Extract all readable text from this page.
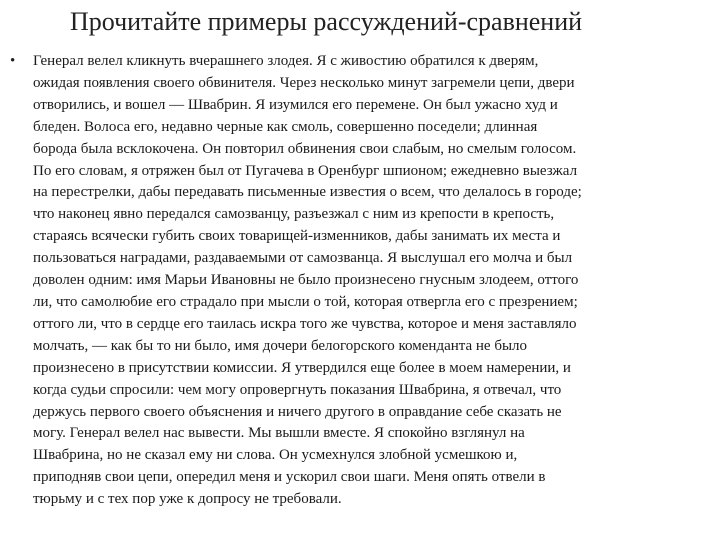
Прочитайте примеры рассуждений-сравнений
• Генерал велел кликнуть вчерашнего злодея. Я с живостию обратился к дверям,
ожидая появления своего обвинителя. Через несколько минут загремели цепи, двери
отворились, и вошел — Швабрин. Я изумился его перемене. Он был ужасно худ и
бледен. Волоса его, недавно черные как смоль, совершенно поседели; длинная
борода была всклокочена. Он повторил обвинения свои слабым, но смелым голосом.
По его словам, я отряжен был от Пугачева в Оренбург шпионом; ежедневно выезжал
на перестрелки, дабы передавать письменные известия о всем, что делалось в городе;
что наконец явно передался самозванцу, разъезжал с ним из крепости в крепость,
стараясь всячески губить своих товарищей-изменников, дабы занимать их места и
пользоваться наградами, раздаваемыми от самозванца. Я выслушал его молча и был
доволен одним: имя Марьи Ивановны не было произнесено гнусным злодеем, оттого
ли, что самолюбие его страдало при мысли о той, которая отвергла его с презрением;
оттого ли, что в сердце его таилась искра того же чувства, которое и меня заставляло
молчать, — как бы то ни было, имя дочери белогорского коменданта не было
произнесено в присутствии комиссии. Я утвердился еще более в моем намерении, и
когда судьи спросили: чем могу опровергнуть показания Швабрина, я отвечал, что
держусь первого своего объяснения и ничего другого в оправдание себе сказать не
могу. Генерал велел нас вывести. Мы вышли вместе. Я спокойно взглянул на
Швабрина, но не сказал ему ни слова. Он усмехнулся злобной усмешкою и,
приподняв свои цепи, опередил меня и ускорил свои шаги. Меня опять отвели в
тюрьму и с тех пор уже к допросу не требовали.
